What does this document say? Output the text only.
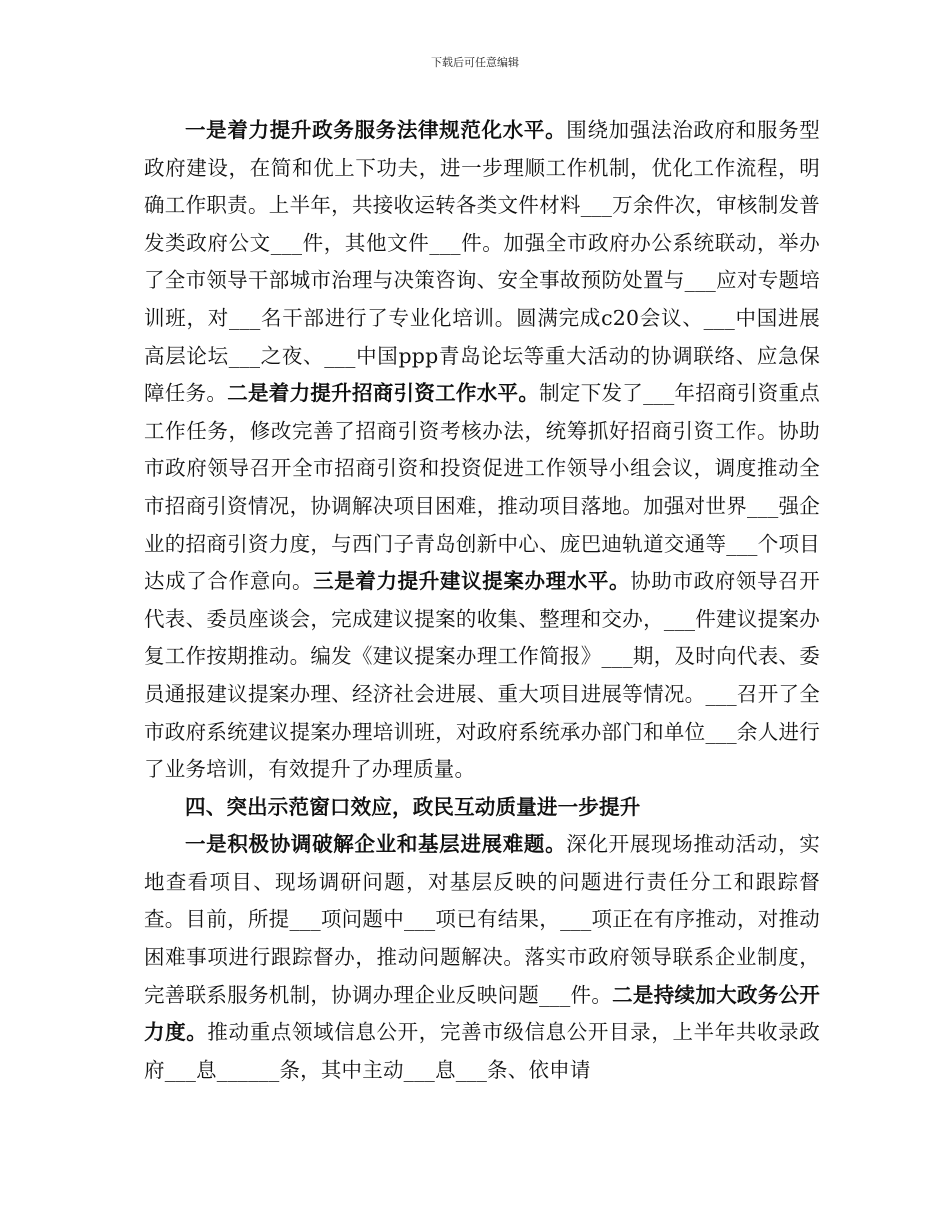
下载后可任意编辑

一是着力提升政务服务法律规范化水平。围绕加强法治政府和服务型政府建设，在简和优上下功夫，进一步理顺工作机制，优化工作流程，明确工作职责。上半年，共接收运转各类文件材料___万余件次，审核制发普发类政府公文___件，其他文件___件。加强全市政府办公系统联动，举办了全市领导干部城市治理与决策咨询、安全事故预防处置与___应对专题培训班，对___名干部进行了专业化培训。圆满完成c20会议、___中国进展高层论坛___之夜、___中国ppp青岛论坛等重大活动的协调联络、应急保障任务。二是着力提升招商引资工作水平。制定下发了___年招商引资重点工作任务，修改完善了招商引资考核办法，统筹抓好招商引资工作。协助市政府领导召开全市招商引资和投资促进工作领导小组会议，调度推动全市招商引资情况，协调解决项目困难，推动项目落地。加强对世界___强企业的招商引资力度，与西门子青岛创新中心、庞巴迪轨道交通等___个项目达成了合作意向。三是着力提升建议提案办理水平。协助市政府领导召开代表、委员座谈会，完成建议提案的收集、整理和交办，___件建议提案办复工作按期推动。编发《建议提案办理工作简报》___期，及时向代表、委员通报建议提案办理、经济社会进展、重大项目进展等情况。___召开了全市政府系统建议提案办理培训班，对政府系统承办部门和单位___余人进行了业务培训，有效提升了办理质量。

四、突出示范窗口效应，政民互动质量进一步提升

一是积极协调破解企业和基层进展难题。深化开展现场推动活动，实地查看项目、现场调研问题，对基层反映的问题进行责任分工和跟踪督查。目前，所提___项问题中___项已有结果，___项正在有序推动，对推动困难事项进行跟踪督办，推动问题解决。落实市政府领导联系企业制度，完善联系服务机制，协调办理企业反映问题___件。二是持续加大政务公开力度。推动重点领域信息公开，完善市级信息公开目录，上半年共收录政府___息______条，其中主动___息___条、依申请
